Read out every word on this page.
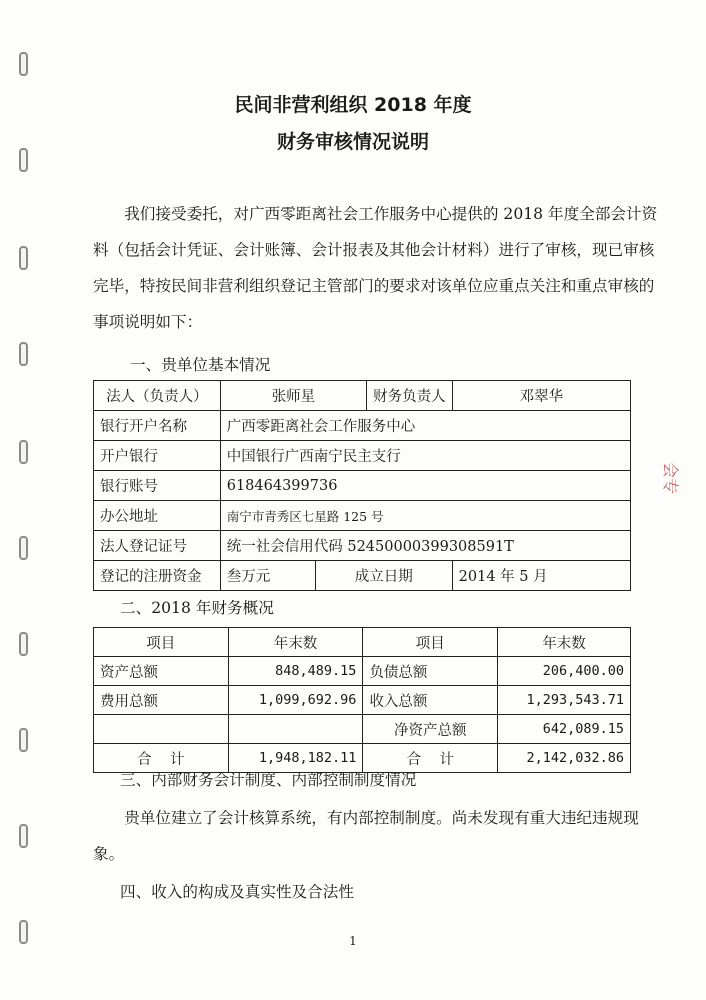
民间非营利组织 2018 年度
财务审核情况说明

我们接受委托，对广西零距离社会工作服务中心提供的 2018 年度全部会计资料（包括会计凭证、会计账簿、会计报表及其他会计材料）进行了审核，现已审核完毕，特按民间非营利组织登记主管部门的要求对该单位应重点关注和重点审核的事项说明如下：

一、贵单位基本情况

法人（负责人）	张师星		财务负责人	邓翠华
银行开户名称	广西零距离社会工作服务中心			
开户银行	中国银行广西南宁民主支行			
银行账号	618464399736			
办公地址	南宁市青秀区七星路 125 号			
法人登记证号	统一社会信用代码 52450000399308591T			
登记的注册资金	叁万元	成立日期		2014 年 5 月

二、2018 年财务概况

项目	年末数	项目	年末数
资产总额	848,489.15	负债总额	206,400.00
费用总额	1,099,692.96	收入总额	1,293,543.71
		净资产总额	642,089.15
合    计	1,948,182.11	合    计	2,142,032.86

三、内部财务会计制度、内部控制制度情况

贵单位建立了会计核算系统，有内部控制制度。尚未发现有重大违纪违规现象。

四、收入的构成及真实性及合法性

会专
1
